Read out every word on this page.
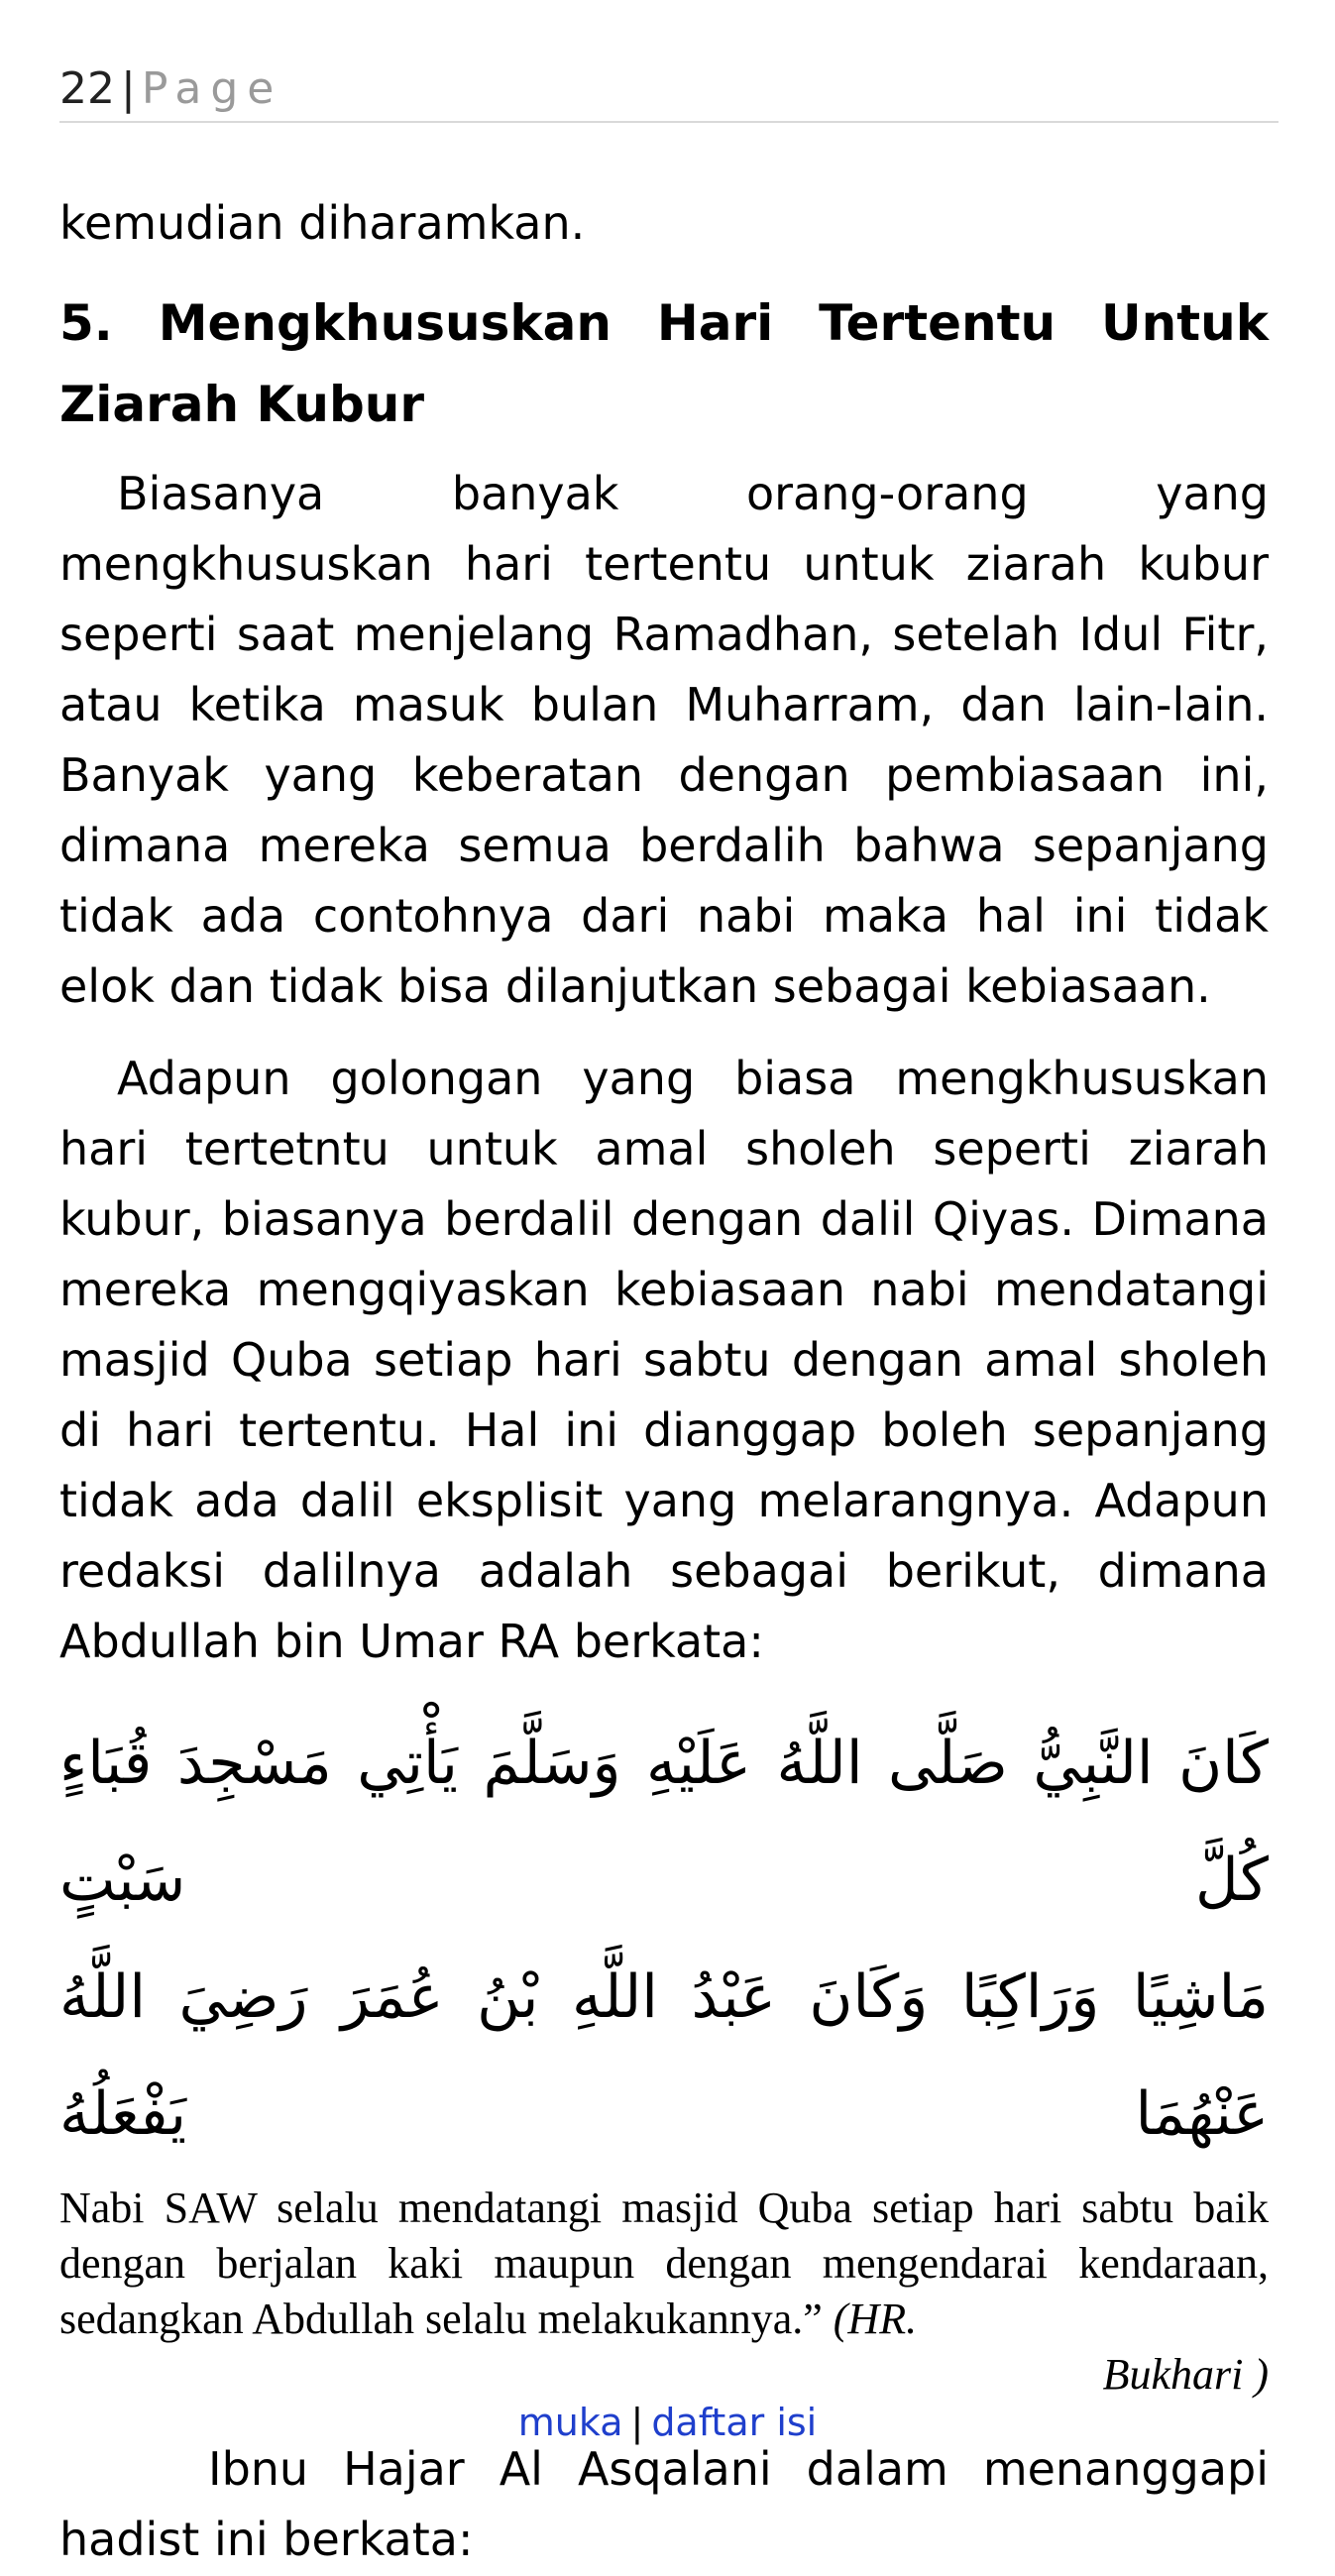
22 | Page

kemudian diharamkan.

5. Mengkhususkan Hari Tertentu Untuk Ziarah Kubur

Biasanya banyak orang-orang yang mengkhususkan hari tertentu untuk ziarah kubur seperti saat menjelang Ramadhan, setelah Idul Fitr, atau ketika masuk bulan Muharram, dan lain-lain. Banyak yang keberatan dengan pembiasaan ini, dimana mereka semua berdalih bahwa sepanjang tidak ada contohnya dari nabi maka hal ini tidak elok dan tidak bisa dilanjutkan sebagai kebiasaan.

Adapun golongan yang biasa mengkhususkan hari tertetntu untuk amal sholeh seperti ziarah kubur, biasanya berdalil dengan dalil Qiyas. Dimana mereka mengqiyaskan kebiasaan nabi mendatangi masjid Quba setiap hari sabtu dengan amal sholeh di hari tertentu. Hal ini dianggap boleh sepanjang tidak ada dalil eksplisit yang melarangnya. Adapun redaksi dalilnya adalah sebagai berikut, dimana Abdullah bin Umar RA berkata:

كَانَ النَّبِيُّ صَلَّى اللَّهُ عَلَيْهِ وَسَلَّمَ يَأْتِي مَسْجِدَ قُبَاءٍ كُلَّ سَبْتٍ
مَاشِيًا وَرَاكِبًا وَكَانَ عَبْدُ اللَّهِ بْنُ عُمَرَ رَضِيَ اللَّهُ عَنْهُمَا يَفْعَلُهُ

Nabi SAW selalu mendatangi masjid Quba setiap hari sabtu baik dengan berjalan kaki maupun dengan mengendarai kendaraan, sedangkan Abdullah selalu melakukannya.” (HR.
Bukhari )

Ibnu Hajar Al Asqalani dalam menanggapi hadist ini berkata:

muka | daftar isi
